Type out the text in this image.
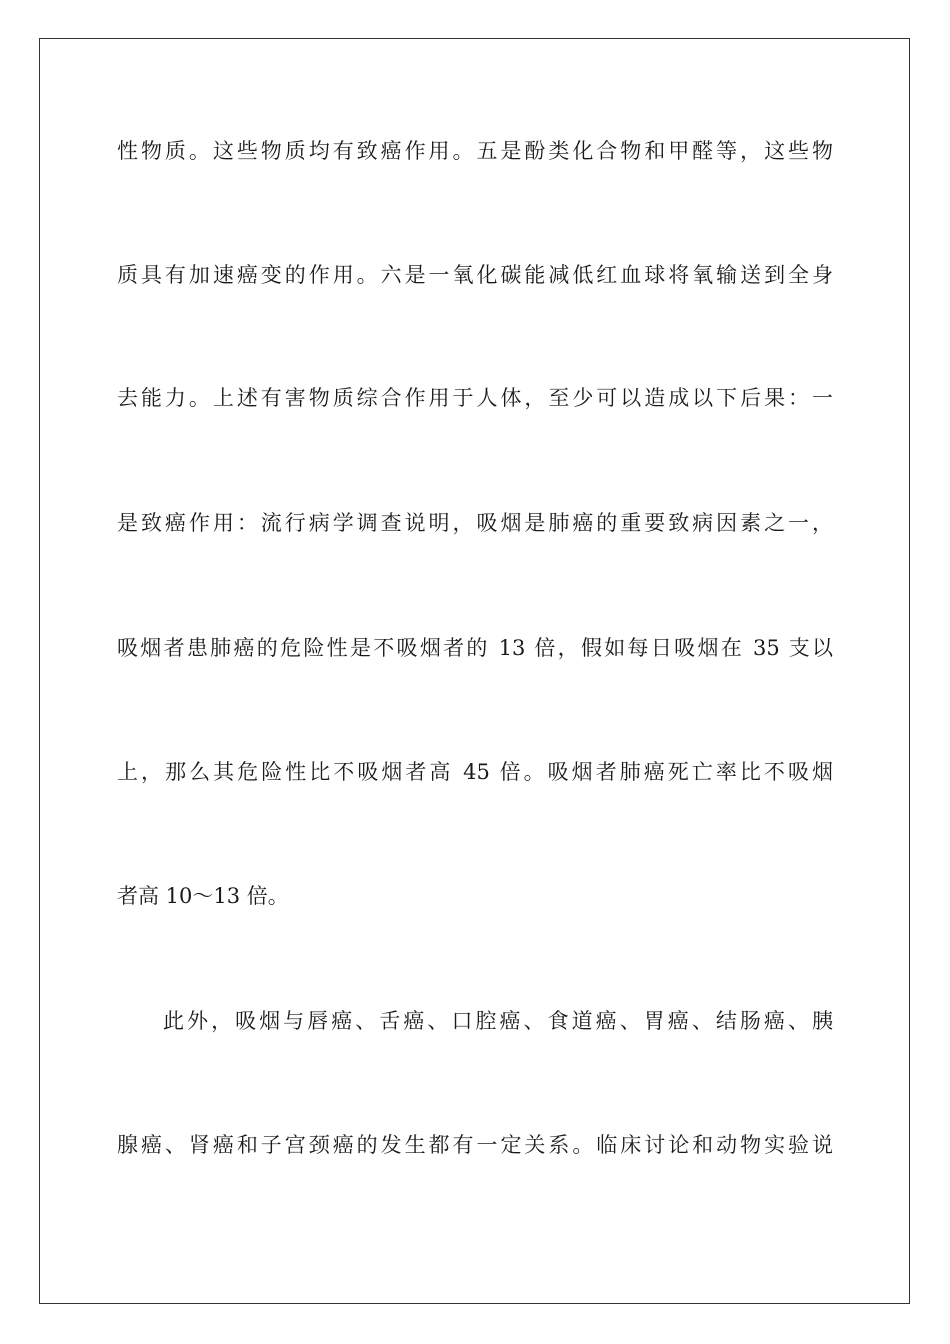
性物质。这些物质均有致癌作用。五是酚类化合物和甲醛等，这些物
质具有加速癌变的作用。六是一氧化碳能减低红血球将氧输送到全身
去能力。上述有害物质综合作用于人体，至少可以造成以下后果：一
是致癌作用：流行病学调查说明，吸烟是肺癌的重要致病因素之一，
吸烟者患肺癌的危险性是不吸烟者的 13 倍，假如每日吸烟在 35 支以
上，那么其危险性比不吸烟者高 45 倍。吸烟者肺癌死亡率比不吸烟
者高 10～13 倍。
此外，吸烟与唇癌、舌癌、口腔癌、食道癌、胃癌、结肠癌、胰
腺癌、肾癌和子宫颈癌的发生都有一定关系。临床讨论和动物实验说
